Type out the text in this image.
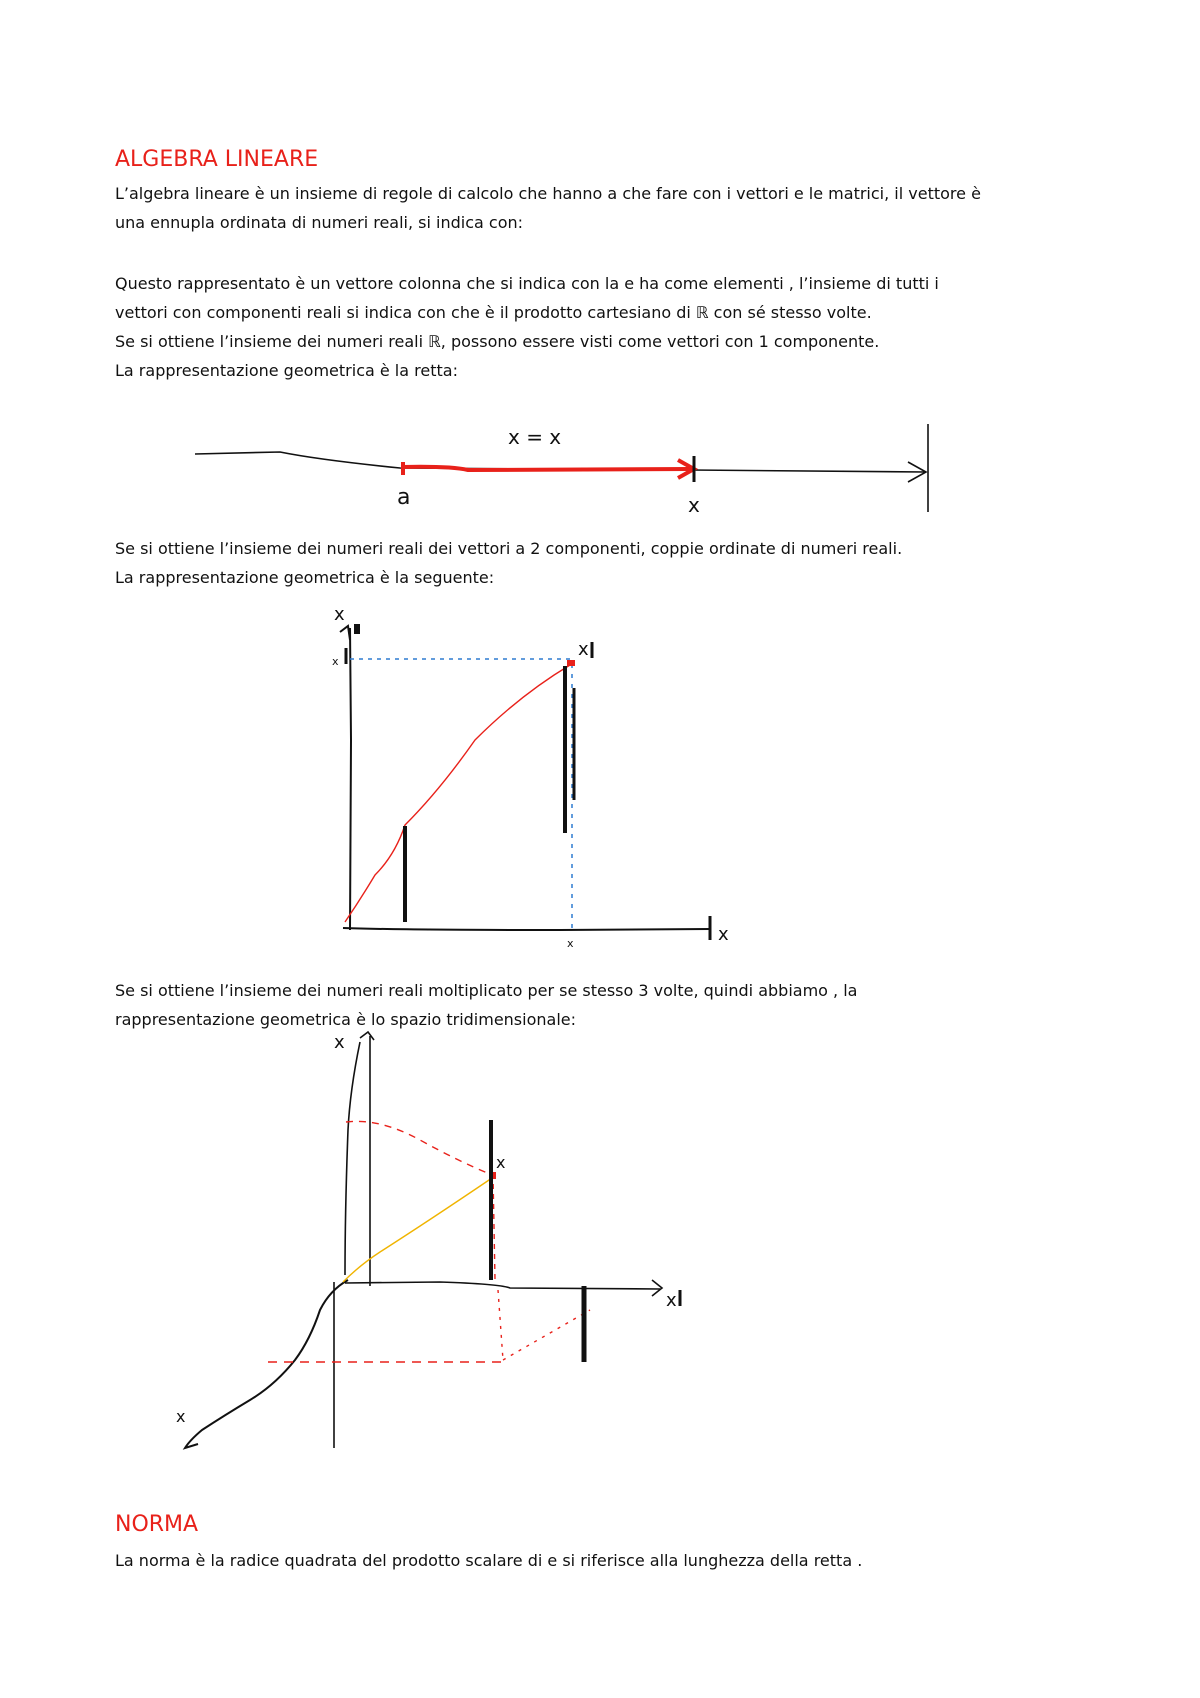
ALGEBRA LINEARE

L’algebra lineare è un insieme di regole di calcolo che hanno a che fare con i vettori e le matrici, il vettore è
una ennupla ordinata di numeri reali, si indica con:

Questo rappresentato è un vettore colonna che si indica con la e ha come elementi , l’insieme di tutti i
vettori con componenti reali si indica con che è il prodotto cartesiano di ℝ con sé stesso volte.
Se si ottiene l’insieme dei numeri reali ℝ, possono essere visti come vettori con 1 componente.
La rappresentazione geometrica è la retta:

a	x
x = x

Se si ottiene l’insieme dei numeri reali dei vettori a 2 componenti, coppie ordinate di numeri reali.
La rappresentazione geometrica è la seguente:

x
x
x
x	x

Se si ottiene l’insieme dei numeri reali moltiplicato per se stesso 3 volte, quindi abbiamo , la
rappresentazione geometrica è lo spazio tridimensionale:

x
x
x
x
NORMA

La norma è la radice quadrata del prodotto scalare di e si riferisce alla lunghezza della retta .
